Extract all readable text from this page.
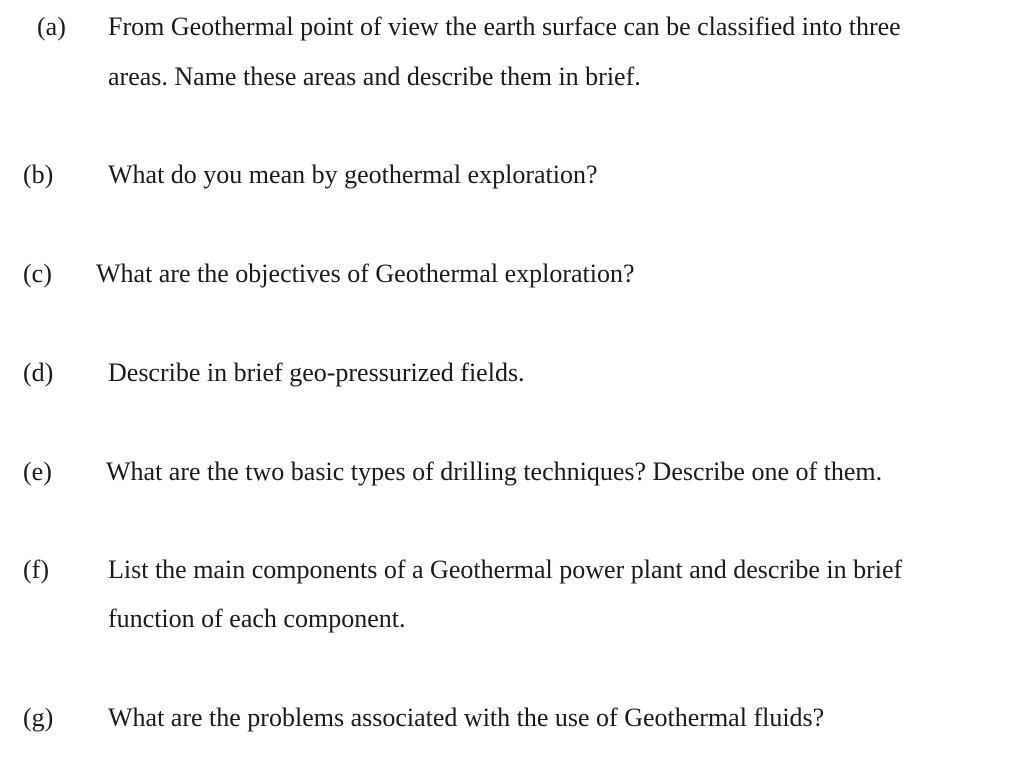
(a) From Geothermal point of view the earth surface can be classified into three
areas. Name these areas and describe them in brief.
(b) What do you mean by geothermal exploration?
(c) What are the objectives of Geothermal exploration?
(d) Describe in brief geo-pressurized fields.
(e) What are the two basic types of drilling techniques? Describe one of them.
(f) List the main components of a Geothermal power plant and describe in brief
function of each component.
(g) What are the problems associated with the use of Geothermal fluids?
